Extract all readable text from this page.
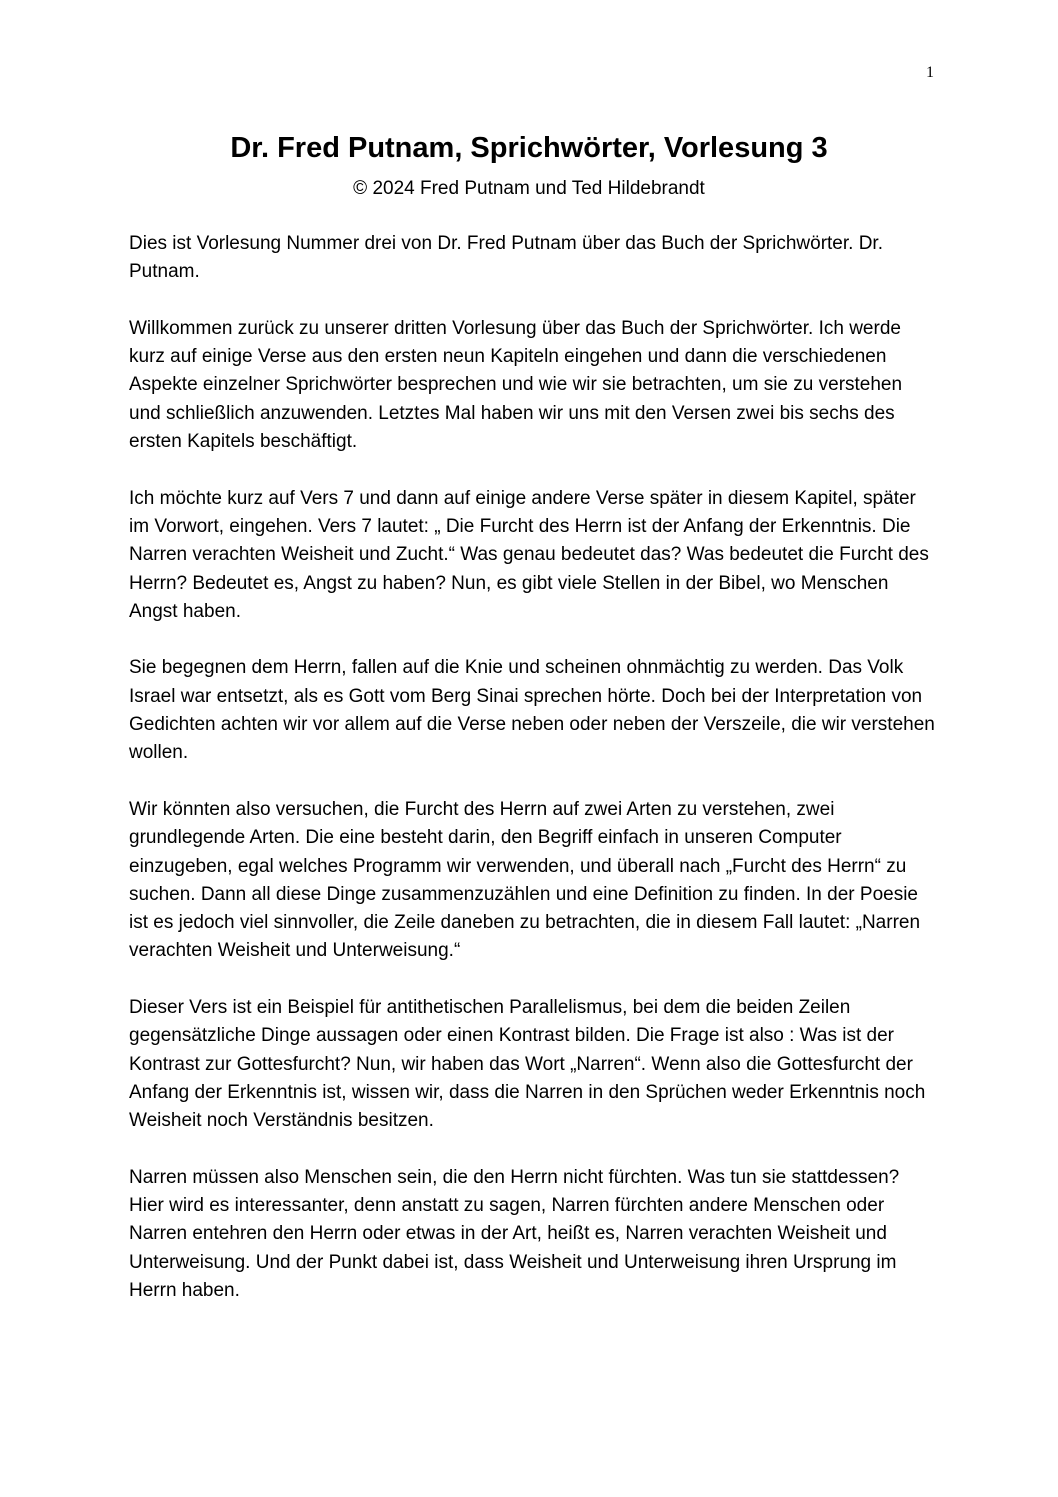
1
Dr. Fred Putnam, Sprichwörter, Vorlesung 3
© 2024 Fred Putnam und Ted Hildebrandt

Dies ist Vorlesung Nummer drei von Dr. Fred Putnam über das Buch der Sprichwörter. Dr. Putnam.

Willkommen zurück zu unserer dritten Vorlesung über das Buch der Sprichwörter. Ich werde kurz auf einige Verse aus den ersten neun Kapiteln eingehen und dann die verschiedenen Aspekte einzelner Sprichwörter besprechen und wie wir sie betrachten, um sie zu verstehen und schließlich anzuwenden. Letztes Mal haben wir uns mit den Versen zwei bis sechs des ersten Kapitels beschäftigt.

Ich möchte kurz auf Vers 7 und dann auf einige andere Verse später in diesem Kapitel, später im Vorwort, eingehen. Vers 7 lautet: „ Die Furcht des Herrn ist der Anfang der Erkenntnis. Die Narren verachten Weisheit und Zucht.“ Was genau bedeutet das? Was bedeutet die Furcht des Herrn? Bedeutet es, Angst zu haben? Nun, es gibt viele Stellen in der Bibel, wo Menschen Angst haben.

Sie begegnen dem Herrn, fallen auf die Knie und scheinen ohnmächtig zu werden. Das Volk Israel war entsetzt, als es Gott vom Berg Sinai sprechen hörte. Doch bei der Interpretation von Gedichten achten wir vor allem auf die Verse neben oder neben der Verszeile, die wir verstehen wollen.

Wir könnten also versuchen, die Furcht des Herrn auf zwei Arten zu verstehen, zwei grundlegende Arten. Die eine besteht darin, den Begriff einfach in unseren Computer einzugeben, egal welches Programm wir verwenden, und überall nach „Furcht des Herrn“ zu suchen. Dann all diese Dinge zusammenzuzählen und eine Definition zu finden. In der Poesie ist es jedoch viel sinnvoller, die Zeile daneben zu betrachten, die in diesem Fall lautet: „Narren verachten Weisheit und Unterweisung.“

Dieser Vers ist ein Beispiel für antithetischen Parallelismus, bei dem die beiden Zeilen gegensätzliche Dinge aussagen oder einen Kontrast bilden. Die Frage ist also : Was ist der Kontrast zur Gottesfurcht? Nun, wir haben das Wort „Narren“. Wenn also die Gottesfurcht der Anfang der Erkenntnis ist, wissen wir, dass die Narren in den Sprüchen weder Erkenntnis noch Weisheit noch Verständnis besitzen.

Narren müssen also Menschen sein, die den Herrn nicht fürchten. Was tun sie stattdessen? Hier wird es interessanter, denn anstatt zu sagen, Narren fürchten andere Menschen oder Narren entehren den Herrn oder etwas in der Art, heißt es, Narren verachten Weisheit und Unterweisung. Und der Punkt dabei ist, dass Weisheit und Unterweisung ihren Ursprung im Herrn haben.
